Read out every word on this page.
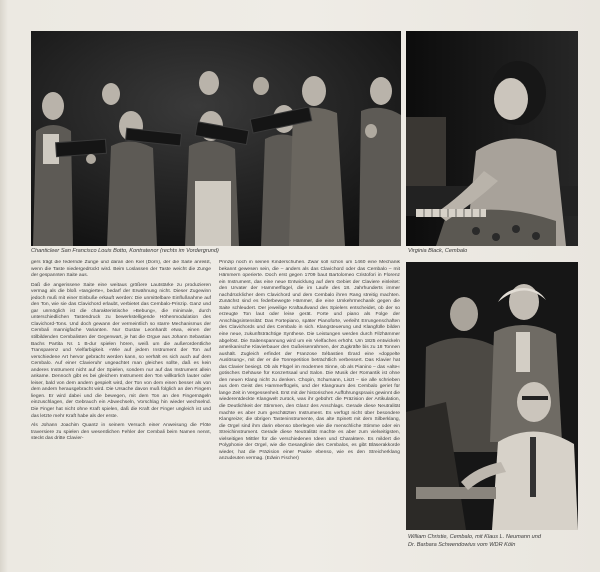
Chanticleer San Francisco Louis Botto, Kontratenor (rechts im Vordergrund)	Virginia Black, Cembalo

gers trägt die federnde Zunge und daran den Kiel (Dorn), der die Saite anreißt, wenn die Taste niedergedrückt wird. Beim Loslassen der Taste weicht die Zunge der gespannten Saite aus.

Daß die angerissene Saite eine weitaus größere Lautstärke zu produzieren vermag als die bloß »tangierte«, bedarf der Erwähnung nicht. Dieser Zugewinn jedoch muß mit einer Einbuße erkauft werden: Die unmittelbare Einflußnahme auf den Ton, wie sie das Clavichord erlaubt, verbietet das Cembalo-Prinzip. Ganz und gar unmöglich ist die charakteristische »Bebung«, die minimale, durch unterschiedlichen Tastendruck zu bewerkstelligende Höhenmodulation des Clavichord-Tons. Und doch gewann der vermeintlich so starre Mechanismus der Cembali mannigfache Varianten. Nur Gustav Leonhardt etwa, einen der stilbildenden Cembalisten der Gegenwart, je hat die Orgue aus Johann Sebastian Bachs Partita Nr. 1 B-dur spielen hören, weiß um die außerordentliche Transparenz und Vielfarbigkeit. »Wie auf jedem Instrument der Ton auf verschiedene Art hervor gebracht werden kann, so verhält es sich auch auf dem Cembalo. Auf einer Clavieruhr ungeachtet man gleiches sollte, daß es kein anderes Instrument nicht auf der Spielen, sondern nur auf das Instrument allein ankame. Dennoch gibt es bei gleichem Instrument den Ton willkürlich lauter oder leiser, bald von dem andern gespielt wird, der Ton von dem einen besser als von dem andern herausgebracht wird. Die Ursache davon muß folglich an den Fingern liegen. Er wird dabei und die bewegen, mit dem Ton an den Fingernägeln einzuschlagen, der Gebrauch ein Abwechseln, Vorschlag hin wieder wechselnd. Die Finger hat nicht ohne Kraft spielen, daß die Kraft der Finger ungleich ist und das letzte mehr Kraft habe als der erste.

Als Johann Joachim Quantz in seinem Versuch einer Anweisung die Flöte traversiere zu spielen den wesentlichen Fehler der Cembali beim Namen nennt, steckt das dritte Clavier-

Prinzip noch in seinen Kinderschuhen. Zwar soll schon um 1460 eine Mechanik bekannt gewesen sein, die – anders als das Clavichord oder das Cembalo – mit Hämmern operierte. Doch erst gegen 1709 baut Bartolomeo Cristofori in Florenz ein Instrument, das eine neue Entwicklung auf dem Gebiet der Claviere einleitet: den Urvater der Hammerflügel, die im Laufe des 18. Jahrhunderts immer nachdrücklicher dem Clavichord und dem Cembalo ihren Rang streitig machten. Zunächst sind es federbewegte Hämmer, die eine Umkehrmechanik gegen die Saite schleudert. Der jeweilige Kraftaufwand des Spielers entscheidet, ob der so erzeugte Ton laut oder leise gerät. Forte und piano als Folge der Anschlagsintensität: Das Fortepiano, später Pianoforte, verleiht Errungenschaften des Clavichords und des Cembalo in sich. Klangsteuerung und Klangfülle bilden eine neue, zukunftsträchtige Synthese. Die Leistungen werden durch Filzhämmer abgelöst. Die Saitenspannung wird um ein Vielfaches erhöht. Um 1825 entwickeln amerikanische Klavierbauer den Gußeisenrahmen, der Zugkräfte bis zu 18 Tonnen aushält. Zugleich erfindet der Franzose Sébastien Érard eine »doppelte Auslösung«, mit der er die Tonrepetition beträchtlich verbessert. Das Klavier hat das Clavier besiegt. Ob als Flügel im modernen Sinne, ob als Pianino – das »alte« gotisches Gehäuse für Konzertsaal und Salon. Die Musik der Romantik ist ohne den neuen Klang nicht zu denken. Chopin, Schumann, Liszt – sie alle schrieben aus dem Geist des Hammerflügels, und der Klangraum des Cembalo geriet für lange Zeit in Vergessenheit. Erst mit der historischen Aufführungspraxis gewinnt die wiederentdeckte Klangwelt zurück, was ihr gebührt: die Präzision der Artikulation, die Deutlichkeit der Stimmen, den Glanz des Anschlags. Gerade diese Neutralität machte es aber zum geschätzten Instrument. Es verfügt nicht über besondere Klangreize; die übrigen Tasteninstrumente, das alte Spinett mit dem Silberklang, die Orgel sind ihm darin ebenso überlegen wie die menschliche Stimme oder ein Streichinstrument. Gerade diese Neutralität machte es aber zum vielseitigsten, vielseitigen Mittler für die verschiedenen Ideen und Charaktere. Es mildert die Polyphonie der Orgel, wie die Gesanglinie des Cembalos, es gibt Bläserakkorde wieder, hat die Präzision einer Pauke ebenso, wie es den Streicherklang anzudeuten vermag. (Edwin Fischer)

William Christie, Cembalo, mit Klaus L. Neumann und
Dr. Barbara Schwendowius vom WDR Köln
